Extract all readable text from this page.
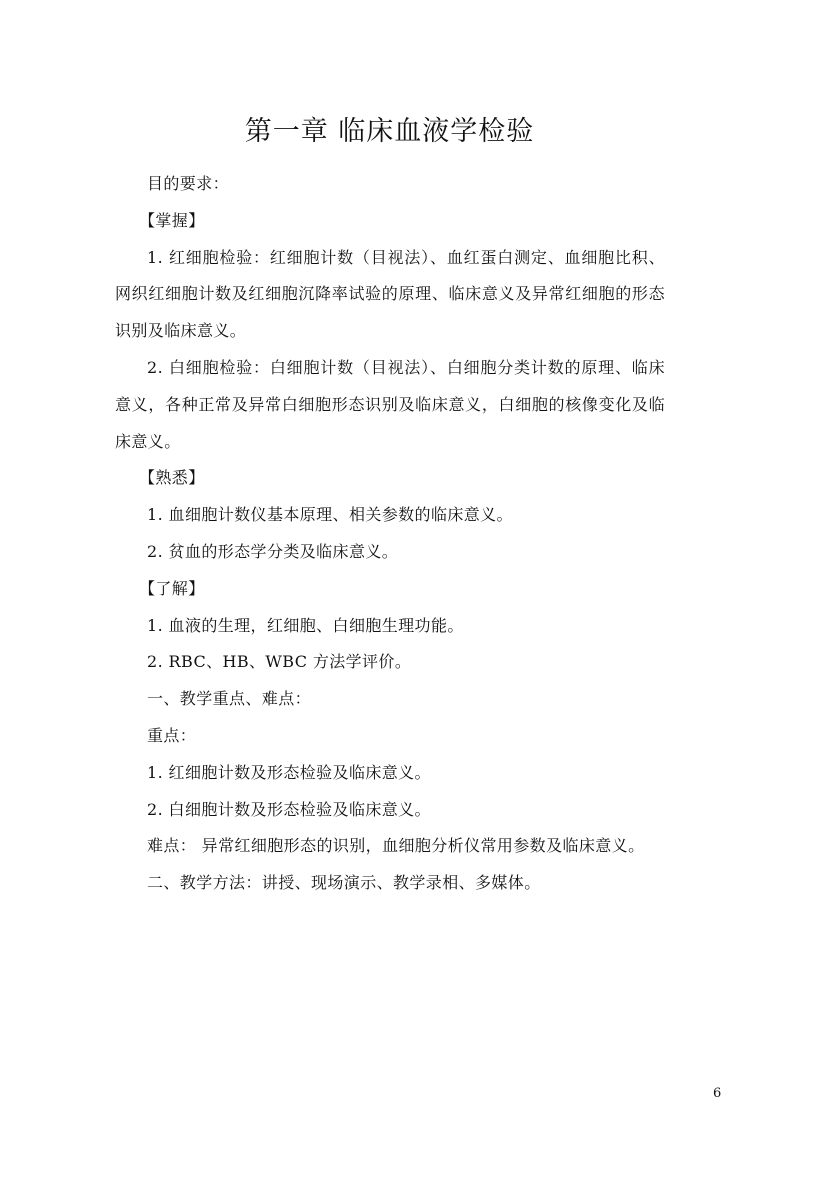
第一章 临床血液学检验

目的要求：

【掌握】

1. 红细胞检验：红细胞计数（目视法）、血红蛋白测定、血细胞比积、网织红细胞计数及红细胞沉降率试验的原理、临床意义及异常红细胞的形态识别及临床意义。

2. 白细胞检验：白细胞计数（目视法）、白细胞分类计数的原理、临床意义，各种正常及异常白细胞形态识别及临床意义，白细胞的核像变化及临床意义。

【熟悉】

1. 血细胞计数仪基本原理、相关参数的临床意义。

2. 贫血的形态学分类及临床意义。

【了解】

1. 血液的生理，红细胞、白细胞生理功能。

2. RBC、HB、WBC 方法学评价。

一、教学重点、难点：

重点：

1. 红细胞计数及形态检验及临床意义。

2. 白细胞计数及形态检验及临床意义。

难点： 异常红细胞形态的识别，血细胞分析仪常用参数及临床意义。

二、教学方法：讲授、现场演示、教学录相、多媒体。

6
